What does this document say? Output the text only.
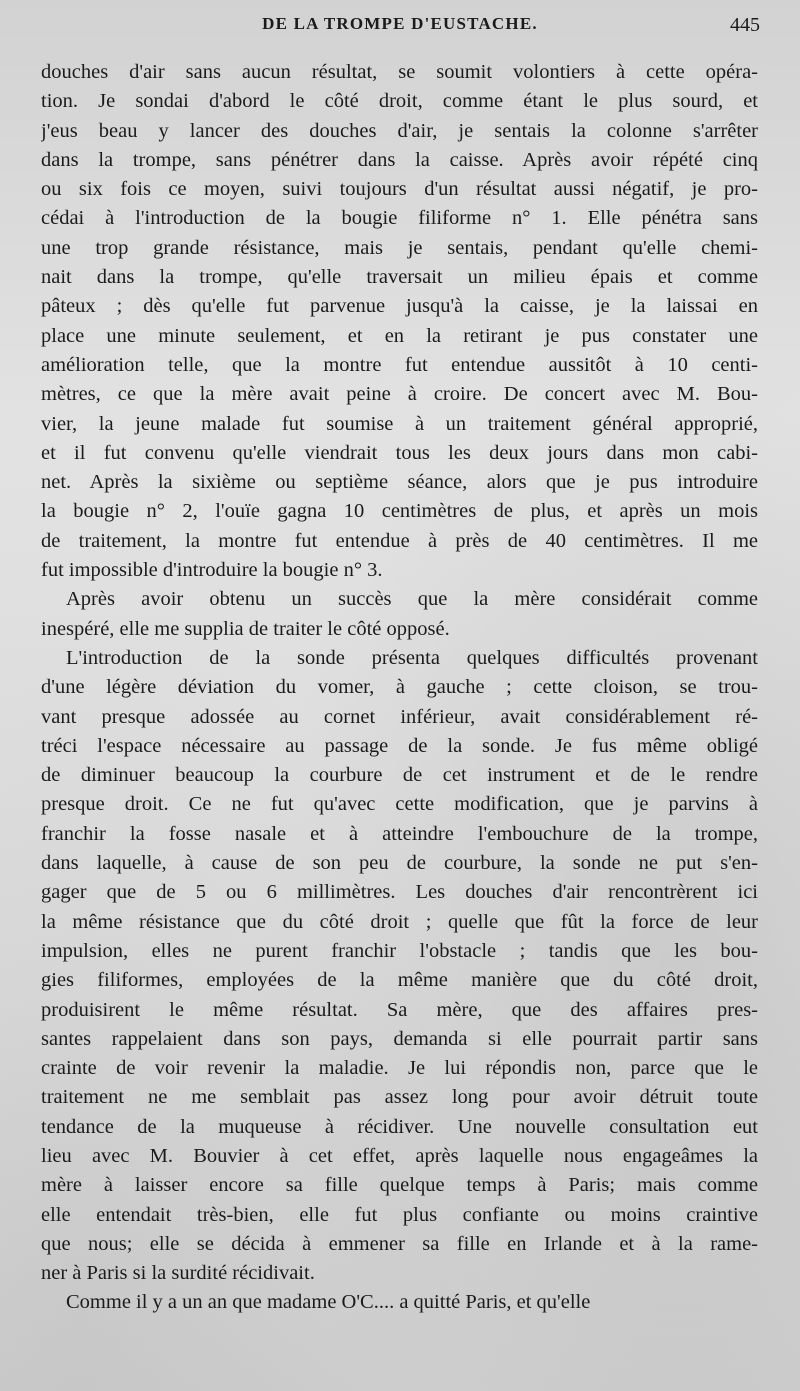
DE LA TROMPE D'EUSTACHE.	445

douches d'air sans aucun résultat, se soumit volontiers à cette opéra-
tion. Je sondai d'abord le côté droit, comme étant le plus sourd, et
j'eus beau y lancer des douches d'air, je sentais la colonne s'arrêter
dans la trompe, sans pénétrer dans la caisse. Après avoir répété cinq
ou six fois ce moyen, suivi toujours d'un résultat aussi négatif, je pro-
cédai à l'introduction de la bougie filiforme n° 1. Elle pénétra sans
une trop grande résistance, mais je sentais, pendant qu'elle chemi-
nait dans la trompe, qu'elle traversait un milieu épais et comme
pâteux ; dès qu'elle fut parvenue jusqu'à la caisse, je la laissai en
place une minute seulement, et en la retirant je pus constater une
amélioration telle, que la montre fut entendue aussitôt à 10 centi-
mètres, ce que la mère avait peine à croire. De concert avec M. Bou-
vier, la jeune malade fut soumise à un traitement général approprié,
et il fut convenu qu'elle viendrait tous les deux jours dans mon cabi-
net. Après la sixième ou septième séance, alors que je pus introduire
la bougie n° 2, l'ouïe gagna 10 centimètres de plus, et après un mois
de traitement, la montre fut entendue à près de 40 centimètres. Il me
fut impossible d'introduire la bougie n° 3.

Après avoir obtenu un succès que la mère considérait comme
inespéré, elle me supplia de traiter le côté opposé.

L'introduction de la sonde présenta quelques difficultés provenant
d'une légère déviation du vomer, à gauche ; cette cloison, se trou-
vant presque adossée au cornet inférieur, avait considérablement ré-
tréci l'espace nécessaire au passage de la sonde. Je fus même obligé
de diminuer beaucoup la courbure de cet instrument et de le rendre
presque droit. Ce ne fut qu'avec cette modification, que je parvins à
franchir la fosse nasale et à atteindre l'embouchure de la trompe,
dans laquelle, à cause de son peu de courbure, la sonde ne put s'en-
gager que de 5 ou 6 millimètres. Les douches d'air rencontrèrent ici
la même résistance que du côté droit ; quelle que fût la force de leur
impulsion, elles ne purent franchir l'obstacle ; tandis que les bou-
gies filiformes, employées de la même manière que du côté droit,
produisirent le même résultat. Sa mère, que des affaires pres-
santes rappelaient dans son pays, demanda si elle pourrait partir sans
crainte de voir revenir la maladie. Je lui répondis non, parce que le
traitement ne me semblait pas assez long pour avoir détruit toute
tendance de la muqueuse à récidiver. Une nouvelle consultation eut
lieu avec M. Bouvier à cet effet, après laquelle nous engageâmes la
mère à laisser encore sa fille quelque temps à Paris; mais comme
elle entendait très-bien, elle fut plus confiante ou moins craintive
que nous; elle se décida à emmener sa fille en Irlande et à la rame-
ner à Paris si la surdité récidivait.

Comme il y a un an que madame O'C.... a quitté Paris, et qu'elle
